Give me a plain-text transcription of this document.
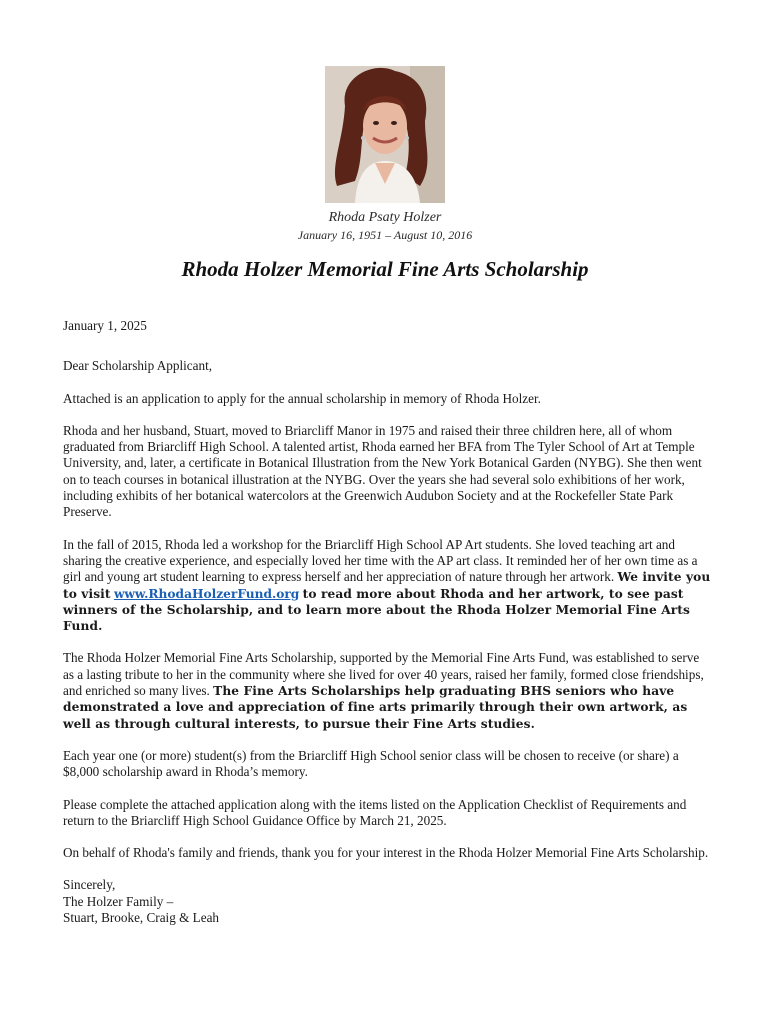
Rhoda Psaty Holzer
January 16, 1951 – August 10, 2016
Rhoda Holzer Memorial Fine Arts Scholarship

January 1, 2025

Dear Scholarship Applicant,

Attached is an application to apply for the annual scholarship in memory of Rhoda Holzer.

Rhoda and her husband, Stuart, moved to Briarcliff Manor in 1975 and raised their three children here, all of whom graduated from Briarcliff High School. A talented artist, Rhoda earned her BFA from The Tyler School of Art at Temple University, and, later, a certificate in Botanical Illustration from the New York Botanical Garden (NYBG). She then went on to teach courses in botanical illustration at the NYBG. Over the years she had several solo exhibitions of her work, including exhibits of her botanical watercolors at the Greenwich Audubon Society and at the Rockefeller State Park Preserve.

In the fall of 2015, Rhoda led a workshop for the Briarcliff High School AP Art students. She loved teaching art and sharing the creative experience, and especially loved her time with the AP art class. It reminded her of her own time as a girl and young art student learning to express herself and her appreciation of nature through her artwork. We invite you to visit www.RhodaHolzerFund.org to read more about Rhoda and her artwork, to see past winners of the Scholarship, and to learn more about the Rhoda Holzer Memorial Fine Arts Fund.

The Rhoda Holzer Memorial Fine Arts Scholarship, supported by the Memorial Fine Arts Fund, was established to serve as a lasting tribute to her in the community where she lived for over 40 years, raised her family, formed close friendships, and enriched so many lives. The Fine Arts Scholarships help graduating BHS seniors who have demonstrated a love and appreciation of fine arts primarily through their own artwork, as well as through cultural interests, to pursue their Fine Arts studies.

Each year one (or more) student(s) from the Briarcliff High School senior class will be chosen to receive (or share) a $8,000 scholarship award in Rhoda’s memory.

Please complete the attached application along with the items listed on the Application Checklist of Requirements and return to the Briarcliff High School Guidance Office by March 21, 2025.

On behalf of Rhoda's family and friends, thank you for your interest in the Rhoda Holzer Memorial Fine Arts Scholarship.

Sincerely,

The Holzer Family –

Stuart, Brooke, Craig & Leah
